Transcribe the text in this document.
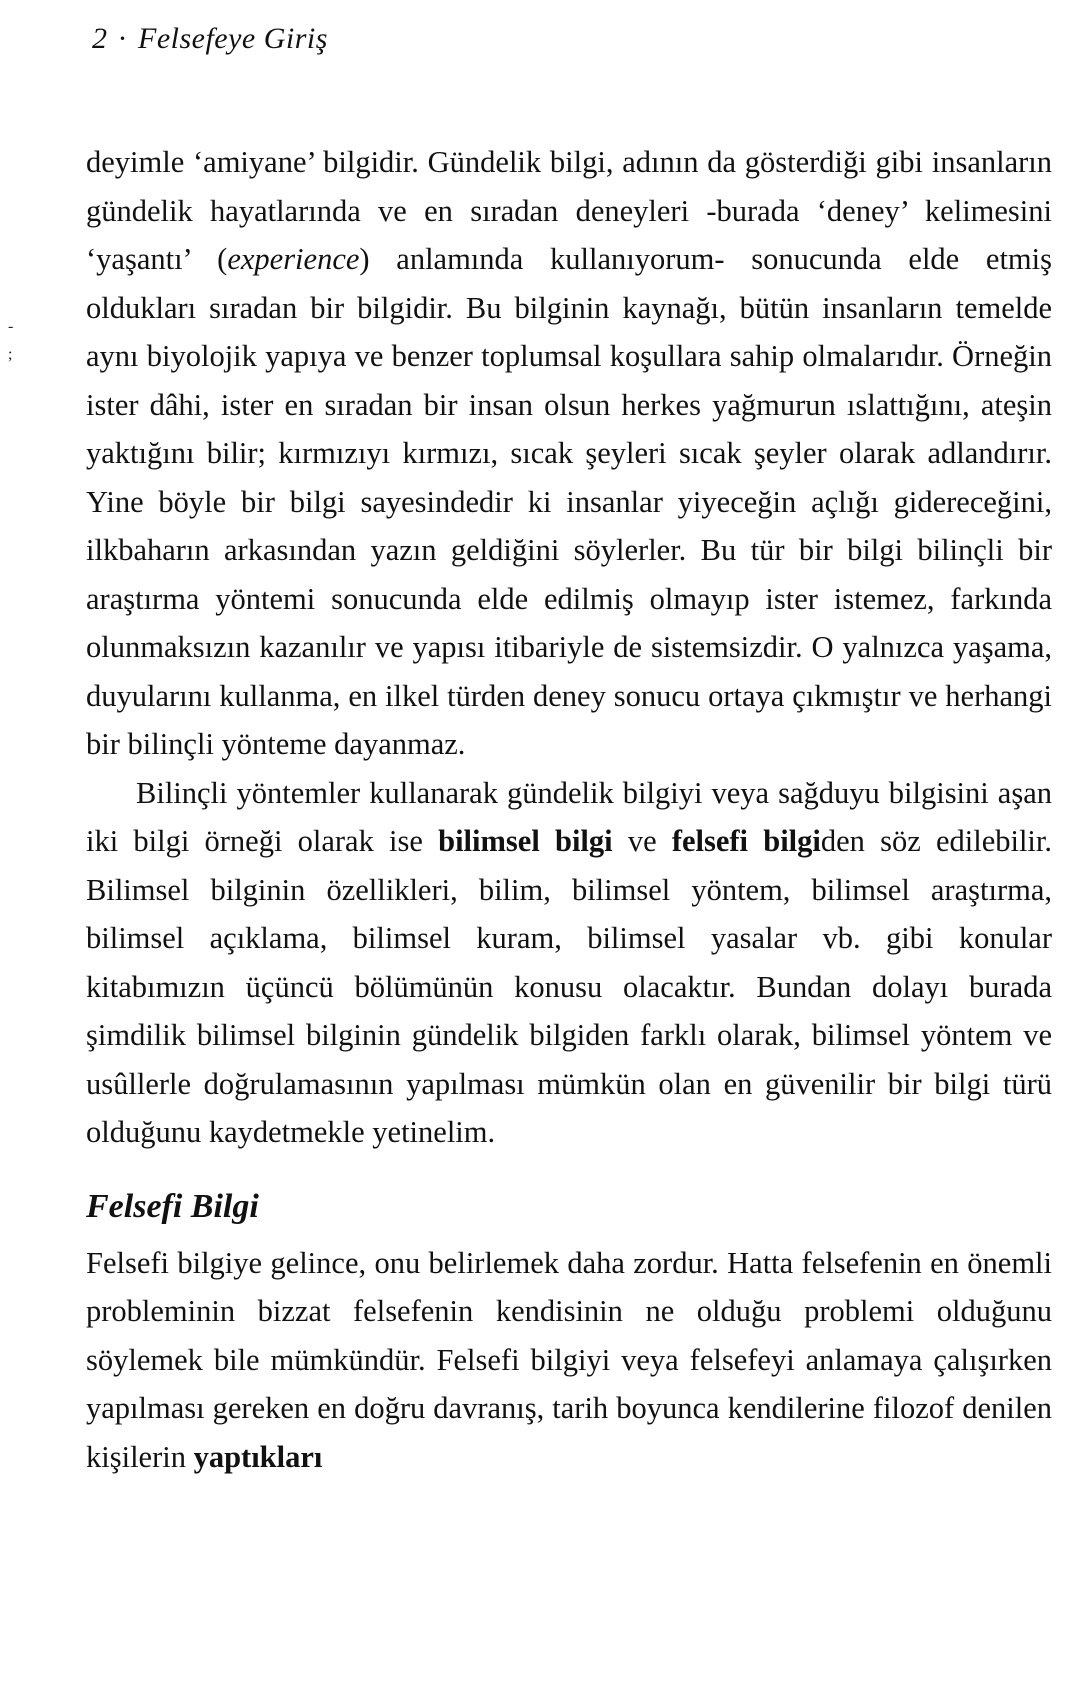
2 · Felsefeye Giriş
-
;

deyimle ‘amiyane’ bilgidir. Gündelik bilgi, adının da gösterdiği gibi insanların gündelik hayatlarında ve en sıradan deneyleri -burada ‘deney’ kelimesini ‘yaşantı’ (experience) anlamında kullanıyorum- sonucunda elde etmiş oldukları sıradan bir bilgidir. Bu bilginin kaynağı, bütün insanların temelde aynı biyolojik yapıya ve benzer toplumsal koşullara sahip olmalarıdır. Örneğin ister dâhi, ister en sıradan bir insan olsun herkes yağmurun ıslattığını, ateşin yaktığını bilir; kırmızıyı kırmızı, sıcak şeyleri sıcak şeyler olarak adlandırır. Yine böyle bir bilgi sayesindedir ki insanlar yiyeceğin açlığı gidereceğini, ilkbaharın arkasından yazın geldiğini söylerler. Bu tür bir bilgi bilinçli bir araştırma yöntemi sonucunda elde edilmiş olmayıp ister istemez, farkında olunmaksızın kazanılır ve yapısı itibariyle de sistemsizdir. O yalnızca yaşama, duyularını kullanma, en ilkel türden deney sonucu ortaya çıkmıştır ve herhangi bir bilinçli yönteme dayanmaz.

Bilinçli yöntemler kullanarak gündelik bilgiyi veya sağduyu bilgisini aşan iki bilgi örneği olarak ise bilimsel bilgi ve felsefi bilgiden söz edilebilir. Bilimsel bilginin özellikleri, bilim, bilimsel yöntem, bilimsel araştırma, bilimsel açıklama, bilimsel kuram, bilimsel yasalar vb. gibi konular kitabımızın üçüncü bölümünün konusu olacaktır. Bundan dolayı burada şimdilik bilimsel bilginin gündelik bilgiden farklı olarak, bilimsel yöntem ve usûllerle doğrulamasının yapılması mümkün olan en güvenilir bir bilgi türü olduğunu kaydetmekle yetinelim.

Felsefi Bilgi

Felsefi bilgiye gelince, onu belirlemek daha zordur. Hatta felsefenin en önemli probleminin bizzat felsefenin kendisinin ne olduğu problemi olduğunu söylemek bile mümkündür. Felsefi bilgiyi veya felsefeyi anlamaya çalışırken yapılması gereken en doğru davranış, tarih boyunca kendilerine filozof denilen kişilerin yaptıkları
